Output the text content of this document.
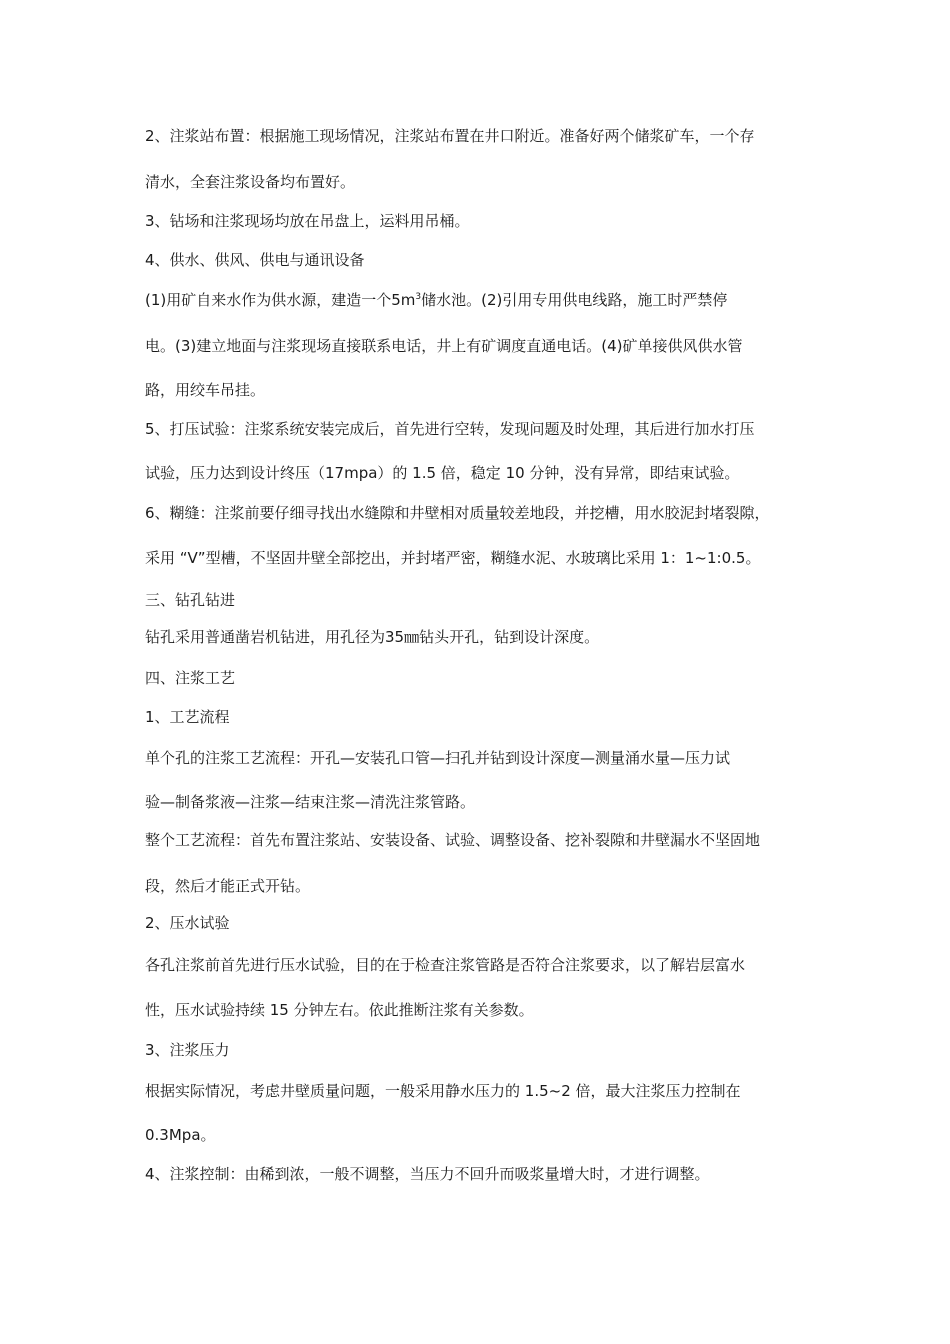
2、注浆站布置：根据施工现场情况，注浆站布置在井口附近。准备好两个储浆矿车，一个存
清水，全套注浆设备均布置好。
3、钻场和注浆现场均放在吊盘上，运料用吊桶。
4、供水、供风、供电与通讯设备
(1)用矿自来水作为供水源，建造一个$5m^3$储水池。(2)引用专用供电线路，施工时严禁停
电。(3)建立地面与注浆现场直接联系电话，井上有矿调度直通电话。(4)矿单接供风供水管
路，用绞车吊挂。
5、打压试验：注浆系统安装完成后，首先进行空转，发现问题及时处理，其后进行加水打压
试验，压力达到设计终压（17mpa）的 1.5 倍，稳定 10 分钟，没有异常，即结束试验。
6、糊缝：注浆前要仔细寻找出水缝隙和井壁相对质量较差地段，并挖槽，用水胶泥封堵裂隙，
采用 “V”型槽，不坚固井壁全部挖出，并封堵严密，糊缝水泥、水玻璃比采用 1：1~1:0.5。
三、钻孔钻进
钻孔采用普通凿岩机钻进，用孔径为35㎜钻头开孔，钻到设计深度。
四、注浆工艺
1、工艺流程
单个孔的注浆工艺流程：开孔—安装孔口管—扫孔并钻到设计深度—测量涌水量—压力试
验—制备浆液—注浆—结束注浆—清洗注浆管路。
整个工艺流程：首先布置注浆站、安装设备、试验、调整设备、挖补裂隙和井壁漏水不坚固地
段，然后才能正式开钻。
2、压水试验
各孔注浆前首先进行压水试验，目的在于检查注浆管路是否符合注浆要求，以了解岩层富水
性，压水试验持续 15 分钟左右。依此推断注浆有关参数。
3、注浆压力
根据实际情况，考虑井壁质量问题，一般采用静水压力的 1.5~2 倍，最大注浆压力控制在
0.3Mpa。
4、注浆控制：由稀到浓，一般不调整，当压力不回升而吸浆量增大时，才进行调整。
